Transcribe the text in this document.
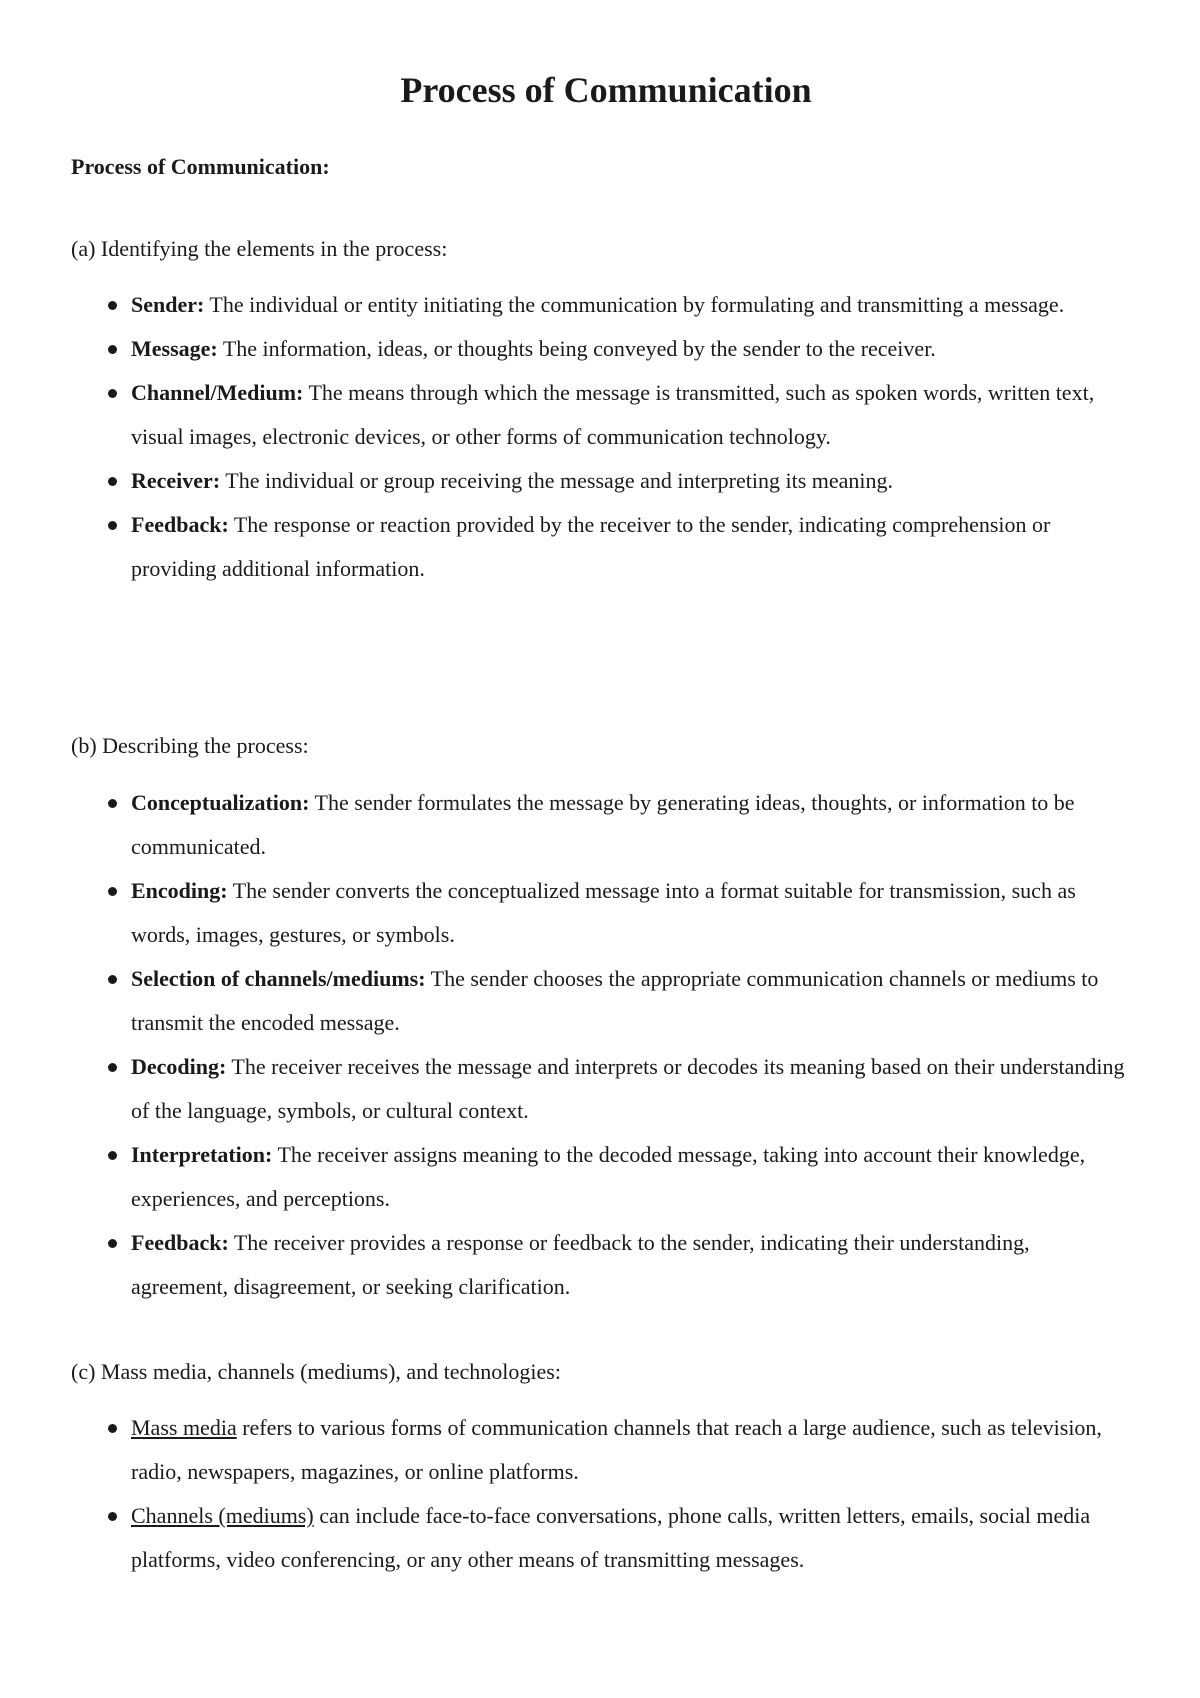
Process of Communication

Process of Communication:

(a) Identifying the elements in the process:

Sender: The individual or entity initiating the communication by formulating and transmitting a message.
Message: The information, ideas, or thoughts being conveyed by the sender to the receiver.
Channel/Medium: The means through which the message is transmitted, such as spoken words, written text, visual images, electronic devices, or other forms of communication technology.
Receiver: The individual or group receiving the message and interpreting its meaning.
Feedback: The response or reaction provided by the receiver to the sender, indicating comprehension or providing additional information.

(b) Describing the process:

Conceptualization: The sender formulates the message by generating ideas, thoughts, or information to be communicated.
Encoding: The sender converts the conceptualized message into a format suitable for transmission, such as words, images, gestures, or symbols.
Selection of channels/mediums: The sender chooses the appropriate communication channels or mediums to transmit the encoded message.
Decoding: The receiver receives the message and interprets or decodes its meaning based on their understanding of the language, symbols, or cultural context.
Interpretation: The receiver assigns meaning to the decoded message, taking into account their knowledge, experiences, and perceptions.
Feedback: The receiver provides a response or feedback to the sender, indicating their understanding, agreement, disagreement, or seeking clarification.

(c) Mass media, channels (mediums), and technologies:

Mass media refers to various forms of communication channels that reach a large audience, such as television, radio, newspapers, magazines, or online platforms.
Channels (mediums) can include face-to-face conversations, phone calls, written letters, emails, social media platforms, video conferencing, or any other means of transmitting messages.
